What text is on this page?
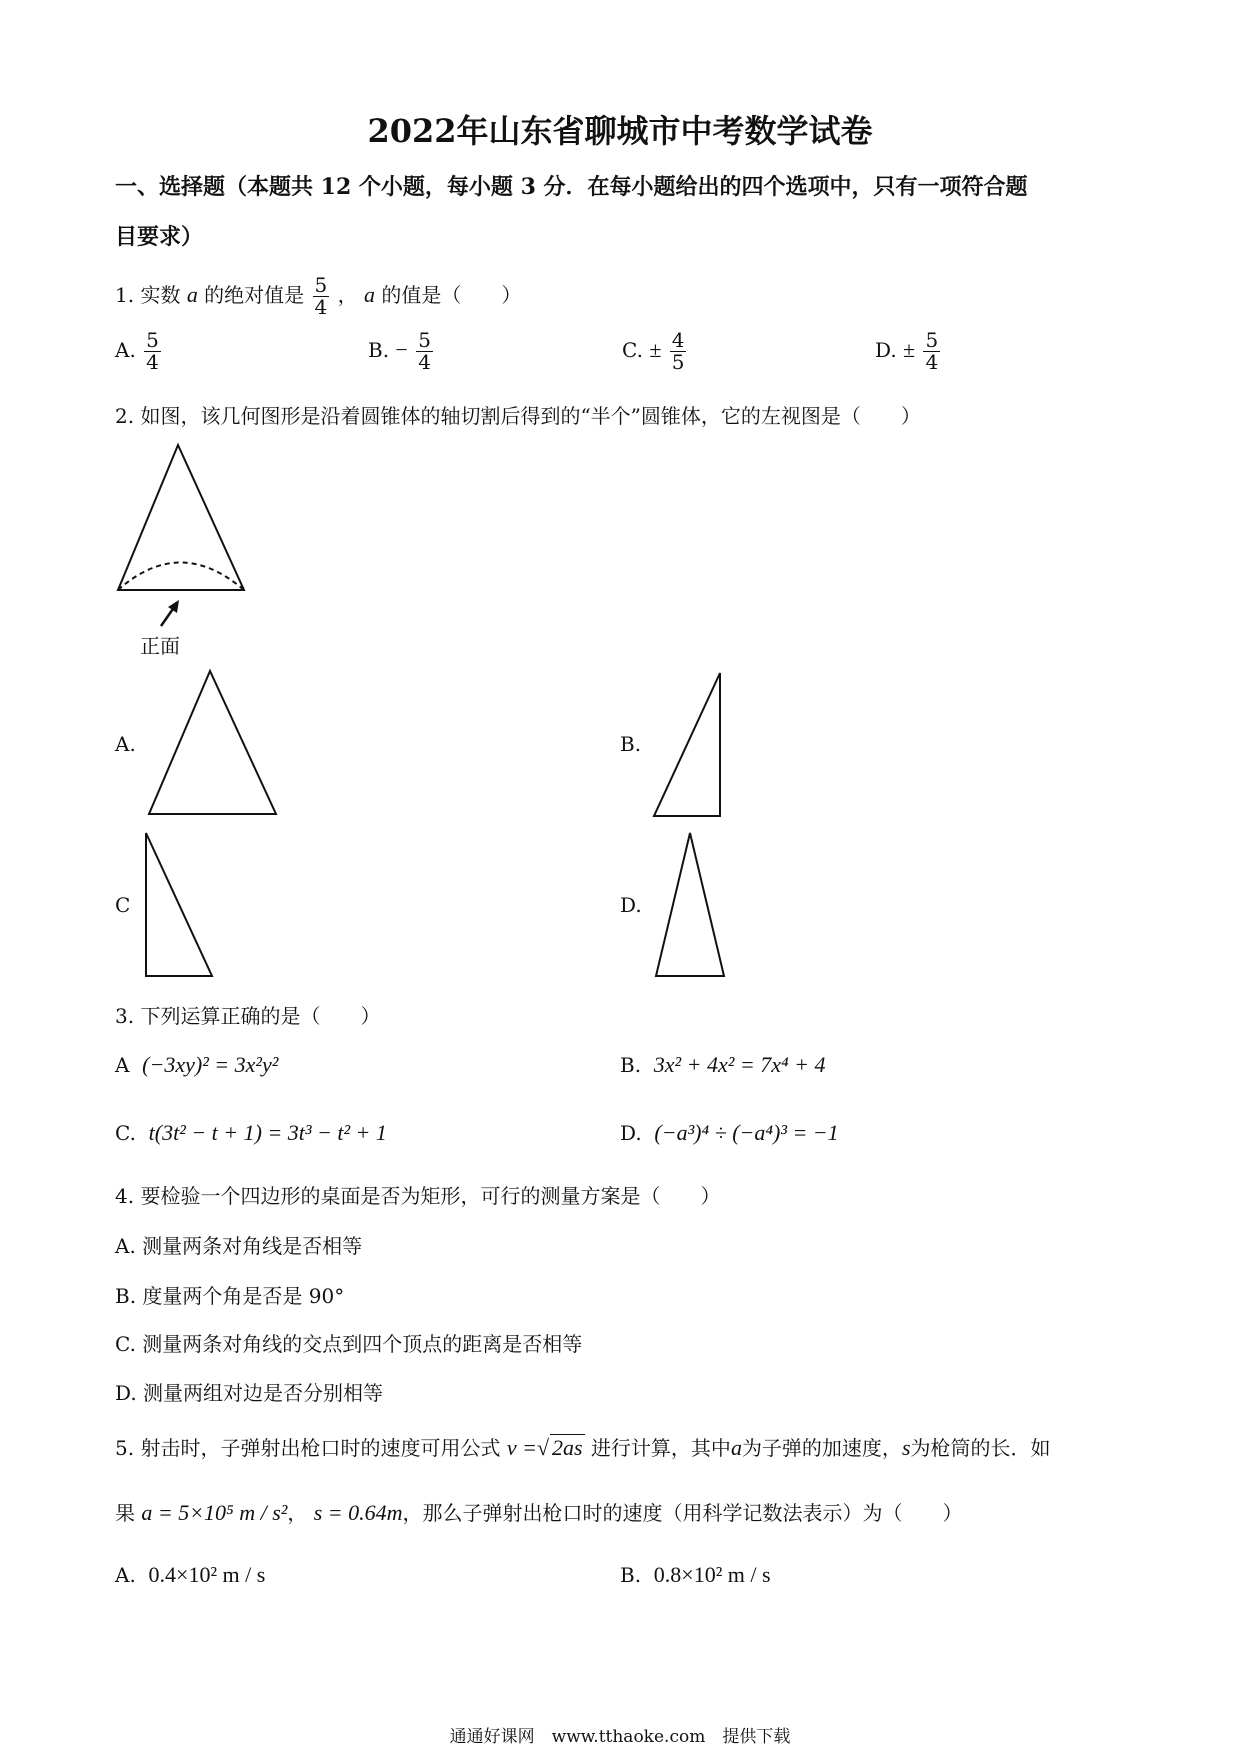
2022年山东省聊城市中考数学试卷
一、选择题（本题共 12 个小题，每小题 3 分．在每小题给出的四个选项中，只有一项符合题
目要求）
1. 实数 a 的绝对值是 $\frac{5}{4}$ ， a 的值是（　　）
A. $\frac{5}{4}$	B. − $\frac{5}{4}$	C. ± $\frac{4}{5}$	D. ± $\frac{5}{4}$
2. 如图，该几何图形是沿着圆锥体的轴切割后得到的“半个”圆锥体，它的左视图是（　　）
正面
A.	B.
C	D.
3. 下列运算正确的是（　　）
A (−3xy)² = 3x²y²	B. 3x² + 4x² = 7x⁴ + 4
C. t(3t² − t + 1) = 3t³ − t² + 1	D. (−a³)⁴ ÷ (−a⁴)³ = −1
4. 要检验一个四边形的桌面是否为矩形，可行的测量方案是（　　）
A. 测量两条对角线是否相等
B. 度量两个角是否是 90°
C. 测量两条对角线的交点到四个顶点的距离是否相等
D. 测量两组对边是否分别相等
5. 射击时，子弹射出枪口时的速度可用公式 v =√ 2as 进行计算，其中a为子弹的加速度，s为枪筒的长．如
果 a = 5×10⁵ m / s²， s = 0.64m，那么子弹射出枪口时的速度（用科学记数法表示）为（　　）
A. 0.4×10² m / s	B. 0.8×10² m / s
通通好课网　www.tthaoke.com　提供下载
